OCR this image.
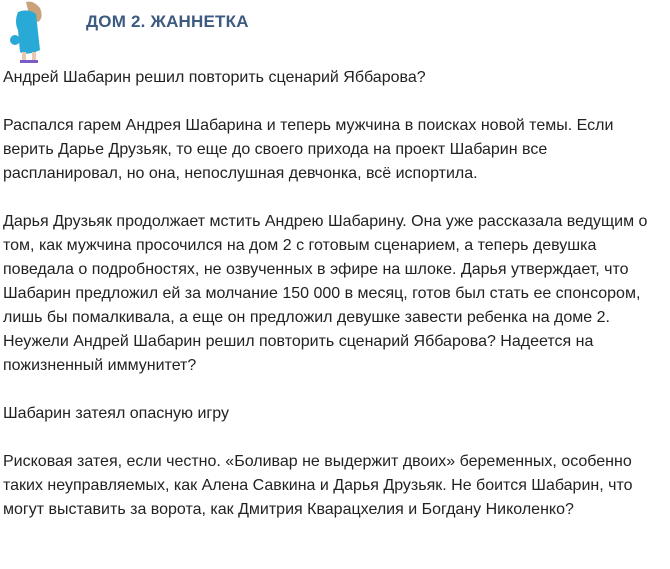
ДОМ 2. ЖАННЕТКА

Андрей Шабарин решил повторить сценарий Яббарова?

Распался гарем Андрея Шабарина и теперь мужчина в поисках новой темы. Если верить Дарье Друзьяк, то еще до своего прихода на проект Шабарин все распланировал, но она, непослушная девчонка, всё испортила.

Дарья Друзьяк продолжает мстить Андрею Шабарину. Она уже рассказала ведущим о том, как мужчина просочился на дом 2 с готовым сценарием, а теперь девушка поведала о подробностях, не озвученных в эфире на шлоке. Дарья утверждает, что Шабарин предложил ей за молчание 150 000 в месяц, готов был стать ее спонсором, лишь бы помалкивала, а еще он предложил девушке завести ребенка на доме 2. Неужели Андрей Шабарин решил повторить сценарий Яббарова? Надеется на пожизненный иммунитет?

Шабарин затеял опасную игру

Рисковая затея, если честно. «Боливар не выдержит двоих» беременных, особенно таких неуправляемых, как Алена Савкина и Дарья Друзьяк. Не боится Шабарин, что могут выставить за ворота, как Дмитрия Кварацхелия и Богдану Николенко?
